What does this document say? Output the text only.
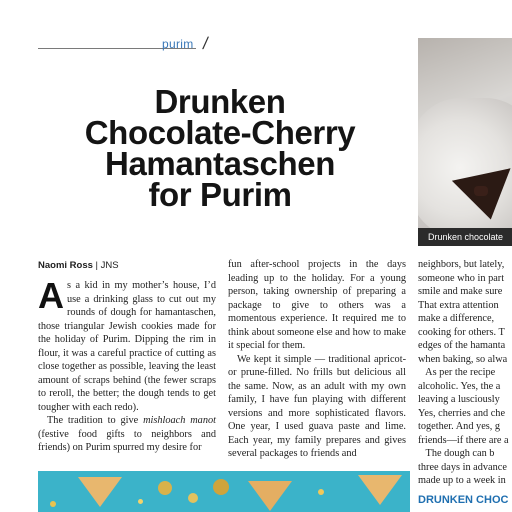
purim /
Drunken
Chocolate-Cherry
Hamantaschen
for Purim
Naomi Ross | JNS

As a kid in my mother’s house, I’d use a drinking glass to cut out my rounds of dough for hamantaschen, those triangular Jewish cookies made for the holiday of Purim. Dipping the rim in flour, it was a careful practice of cutting as close together as possible, leaving the least amount of scraps behind (the fewer scraps to reroll, the better; the dough tends to get tougher with each redo).

The tradition to give mishloach manot (festive food gifts to neighbors and friends) on Purim spurred my desire for

fun after-school projects in the days leading up to the holiday. For a young person, taking ownership of preparing a package to give to others was a momentous experience. It required me to think about someone else and how to make it special for them.

We kept it simple — traditional apricot- or prune-filled. No frills but delicious all the same. Now, as an adult with my own family, I have fun playing with different versions and more sophisticated flavors. One year, I used guava paste and lime. Each year, my family prepares and gives several packages to friends and

neighbors, but lately,
someone who in part
smile and make sure
That extra attention
make a difference,
cooking for others. T
edges of the hamanta
when baking, so alwa
As per the recipe
alcoholic. Yes, the a
leaving a lusciously
Yes, cherries and che
together. And yes, g
friends—if there are a
The dough can b
three days in advance
made up to a week in
DRUNKEN CHOC
Drunken chocolate
